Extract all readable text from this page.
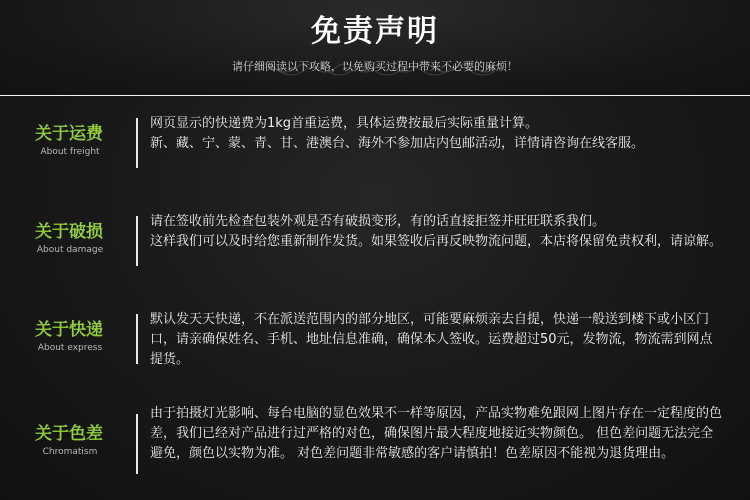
免责声明
请仔细阅读以下攻略，以免购买过程中带来不必要的麻烦！
关于运费
About freight

网页显示的快递费为1kg首重运费，具体运费按最后实际重量计算。

新、藏、宁、蒙、青、甘、港澳台、海外不参加店内包邮活动，详情请咨询在线客服。

关于破损
About damage

请在签收前先检查包装外观是否有破损变形，有的话直接拒签并旺旺联系我们。

这样我们可以及时给您重新制作发货。如果签收后再反映物流问题，本店将保留免责权利，请谅解。

关于快递
About express

默认发天天快递，不在派送范围内的部分地区，可能要麻烦亲去自提，快递一般送到楼下或小区门口，请亲确保姓名、手机、地址信息准确，确保本人签收。运费超过50元，发物流，物流需到网点提货。

关于色差
Chromatism

由于拍摄灯光影响、每台电脑的显色效果不一样等原因，产品实物难免跟网上图片存在一定程度的色差，我们已经对产品进行过严格的对色，确保图片最大程度地接近实物颜色。 但色差问题无法完全避免，颜色以实物为准。 对色差问题非常敏感的客户请慎拍！色差原因不能视为退货理由。
